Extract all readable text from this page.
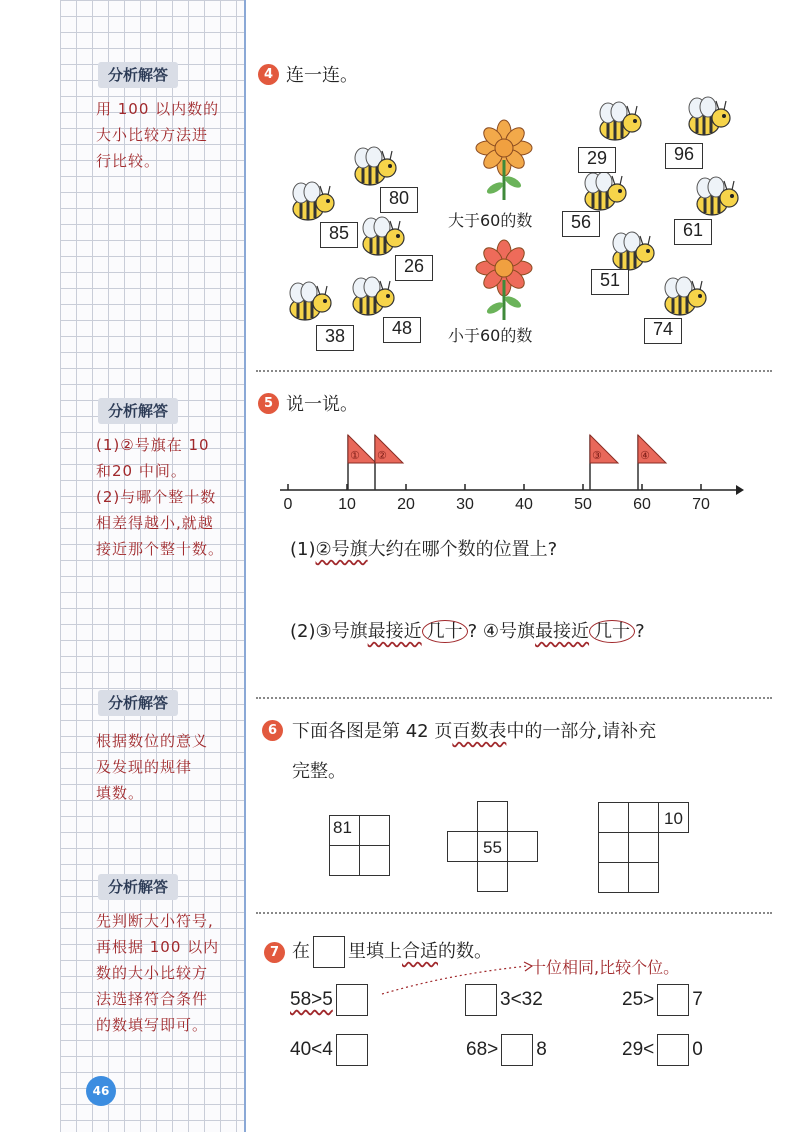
分析解答
用 100 以内数的
大小比较方法进
行比较。
分析解答
(1)②号旗在 10
和20 中间。
(2)与哪个整十数
相差得越小,就越
接近那个整十数。
分析解答
根据数位的意义
及发现的规律
填数。
分析解答
先判断大小符号,
再根据 100 以内
数的大小比较方
法选择符合条件
的数填写即可。
46
4 连一连。
80
85
26
38	48
29	96
56	61
51
74
大于60的数
小于60的数
5 说一说。
① ②	③	④
0	10	20	30	40	50	60	70
(1)②号旗大约在哪个数的位置上?
(2)③号旗最接近 几十 ? ④号旗最接近 几十 ?
6 下面各图是第 42 页百数表中的一部分,请补充
完整。
81
55
10
7 在 里填上合适的数。
十位相同,比较个位。
58>5	3<32	25> 7
40<4	68> 8	29< 0
